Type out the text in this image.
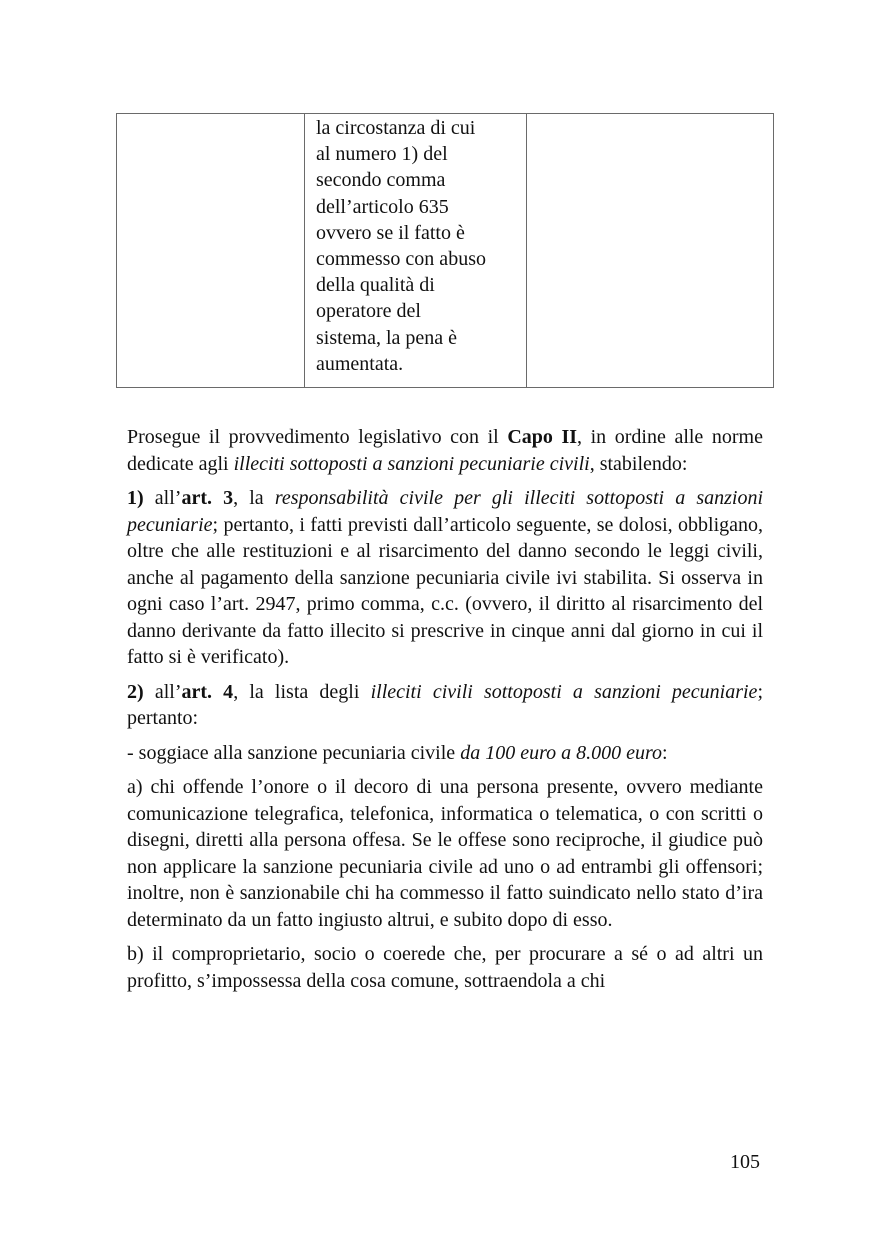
la circostanza di cui
al numero 1) del
secondo comma
dell’articolo 635
ovvero se il fatto è
commesso con abuso
della qualità di
operatore del
sistema, la pena è
aumentata.

Prosegue il provvedimento legislativo con il Capo II, in ordine alle norme dedicate agli illeciti sottoposti a sanzioni pecuniarie civili, stabilendo:

1) all’art. 3, la responsabilità civile per gli illeciti sottoposti a sanzioni pecuniarie; pertanto, i fatti previsti dall’articolo seguente, se dolosi, obbligano, oltre che alle restituzioni e al risarcimento del danno secondo le leggi civili, anche al pagamento della sanzione pecuniaria civile ivi stabilita. Si osserva in ogni caso l’art. 2947, primo comma, c.c. (ovvero, il diritto al risarcimento del danno derivante da fatto illecito si prescrive in cinque anni dal giorno in cui il fatto si è verificato).

2) all’art. 4, la lista degli illeciti civili sottoposti a sanzioni pecuniarie; pertanto:

- soggiace alla sanzione pecuniaria civile da 100 euro a 8.000 euro:

a) chi offende l’onore o il decoro di una persona presente, ovvero mediante comunicazione telegrafica, telefonica, informatica o telematica, o con scritti o disegni, diretti alla persona offesa. Se le offese sono reciproche, il giudice può non applicare la sanzione pecuniaria civile ad uno o ad entrambi gli offensori; inoltre, non è sanzionabile chi ha commesso il fatto suindicato nello stato d’ira determinato da un fatto ingiusto altrui, e subito dopo di esso.

b) il comproprietario, socio o coerede che, per procurare a sé o ad altri un profitto, s’impossessa della cosa comune, sottraendola a chi

105
